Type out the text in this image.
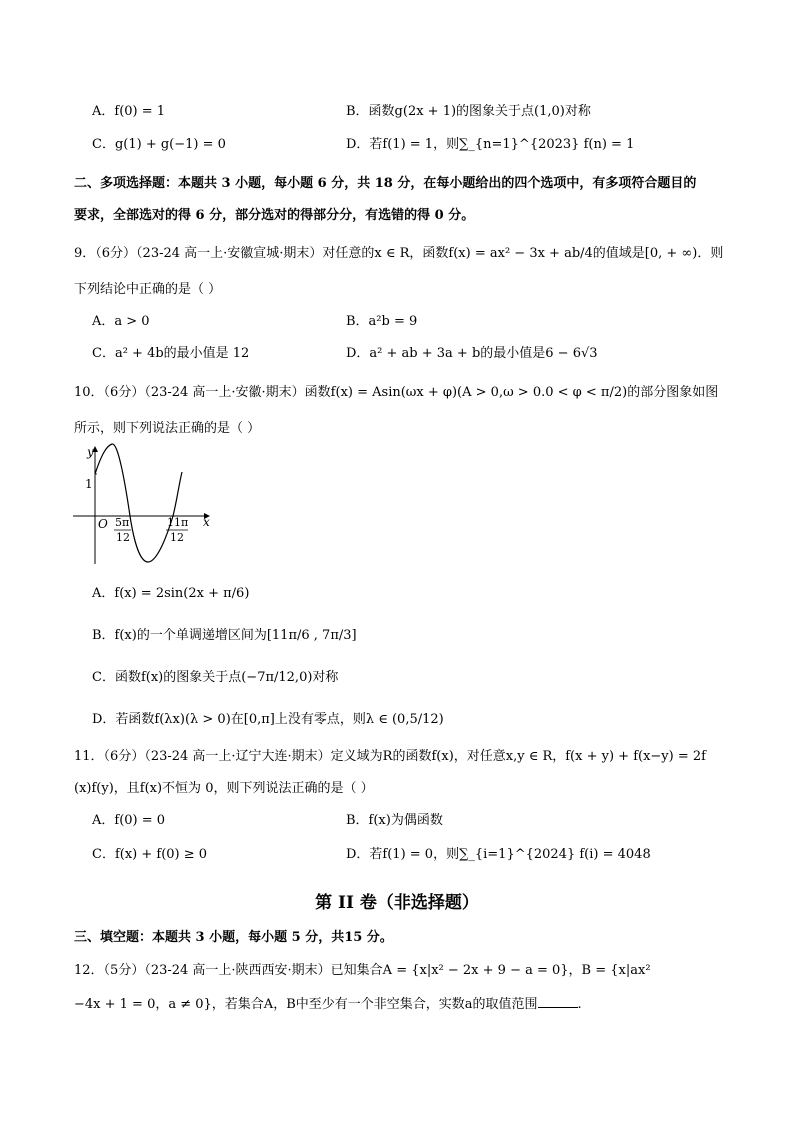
A．f(0) = 1	B．函数g(2x + 1)的图象关于点(1,0)对称
C．g(1) + g(−1) = 0	D．若f(1) = 1，则∑_{n=1}^{2023} f(n) = 1
二、多项选择题：本题共 3 小题，每小题 6 分，共 18 分，在每小题给出的四个选项中，有多项符合题目的
要求，全部选对的得 6 分，部分选对的得部分分，有选错的得 0 分。
9．（6分）（23-24 高一上·安徽宣城·期末）对任意的x ∈ R，函数f(x) = ax² − 3x + ab/4的值域是[0, + ∞)．则
下列结论中正确的是（ ）
A．a > 0	B．a²b = 9
C．a² + 4b的最小值是 12	D．a² + ab + 3a + b的最小值是6 − 6√3
10．（6分）（23-24 高一上·安徽·期末）函数f(x) = Asin(ωx + φ)(A > 0,ω > 0.0 < φ < π/2)的部分图象如图
所示，则下列说法正确的是（ ）
1
y
x
O 5π
12
11π
12
A．f(x) = 2sin(2x + π/6)
B．f(x)的一个单调递增区间为[11π/6 , 7π/3]
C．函数f(x)的图象关于点(−7π/12,0)对称
D．若函数f(λx)(λ > 0)在[0,π]上没有零点，则λ ∈ (0,5/12)
11．（6分）（23-24 高一上·辽宁大连·期末）定义域为R的函数f(x)，对任意x,y ∈ R，f(x + y) + f(x−y) = 2f
(x)f(y)，且f(x)不恒为 0，则下列说法正确的是（ ）
A．f(0) = 0	B．f(x)为偶函数
C．f(x) + f(0) ≥ 0	D．若f(1) = 0，则∑_{i=1}^{2024} f(i) = 4048
第 II 卷（非选择题）
三、填空题：本题共 3 小题，每小题 5 分，共15 分。
12．（5分）（23-24 高一上·陕西西安·期末）已知集合A = {x|x² − 2x + 9 − a = 0}，B = {x|ax²
−4x + 1 = 0，a ≠ 0}，若集合A，B中至少有一个非空集合，实数a的取值范围	.
